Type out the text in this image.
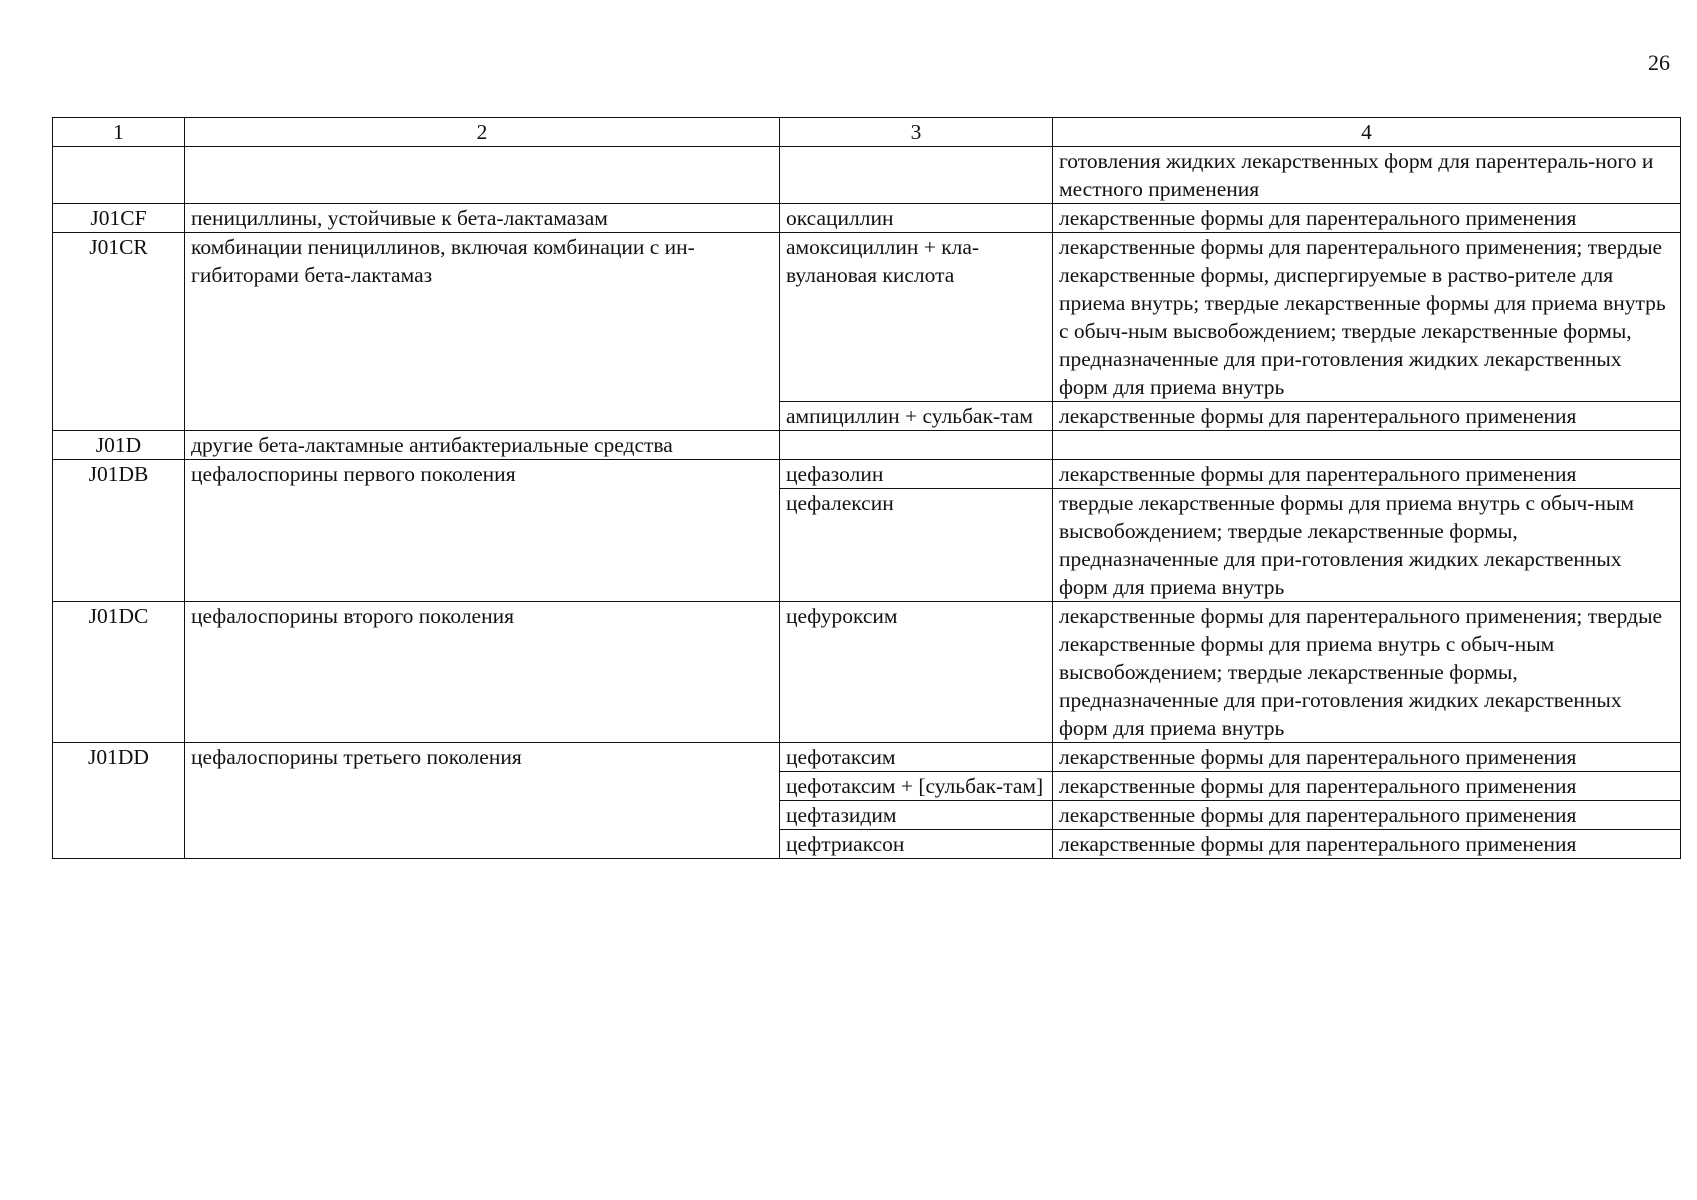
26
1	2	3	4
			готовления жидких лекарственных форм для парентераль-ного и местного применения
J01CF	пенициллины, устойчивые к бета-лактамазам	оксациллин	лекарственные формы для парентерального применения
J01CR	комбинации пенициллинов, включая комбинации с ин-гибиторами бета-лактамаз	амоксициллин + кла-вулановая кислота	лекарственные формы для парентерального применения; твердые лекарственные формы, диспергируемые в раство-рителе для приема внутрь; твердые лекарственные формы для приема внутрь с обыч-ным высвобождением; твердые лекарственные формы, предназначенные для при-готовления жидких лекарственных форм для приема внутрь
		ампициллин + сульбак-там	лекарственные формы для парентерального применения
J01D	другие бета-лактамные антибактериальные средства		
J01DB	цефалоспорины первого поколения	цефазолин	лекарственные формы для парентерального применения
		цефалексин	твердые лекарственные формы для приема внутрь с обыч-ным высвобождением; твердые лекарственные формы, предназначенные для при-готовления жидких лекарственных форм для приема внутрь
J01DC	цефалоспорины второго поколения	цефуроксим	лекарственные формы для парентерального применения; твердые лекарственные формы для приема внутрь с обыч-ным высвобождением; твердые лекарственные формы, предназначенные для при-готовления жидких лекарственных форм для приема внутрь
J01DD	цефалоспорины третьего поколения	цефотаксим	лекарственные формы для парентерального применения
		цефотаксим + [сульбак-там]	лекарственные формы для парентерального применения
		цефтазидим	лекарственные формы для парентерального применения
		цефтриаксон	лекарственные формы для парентерального применения
